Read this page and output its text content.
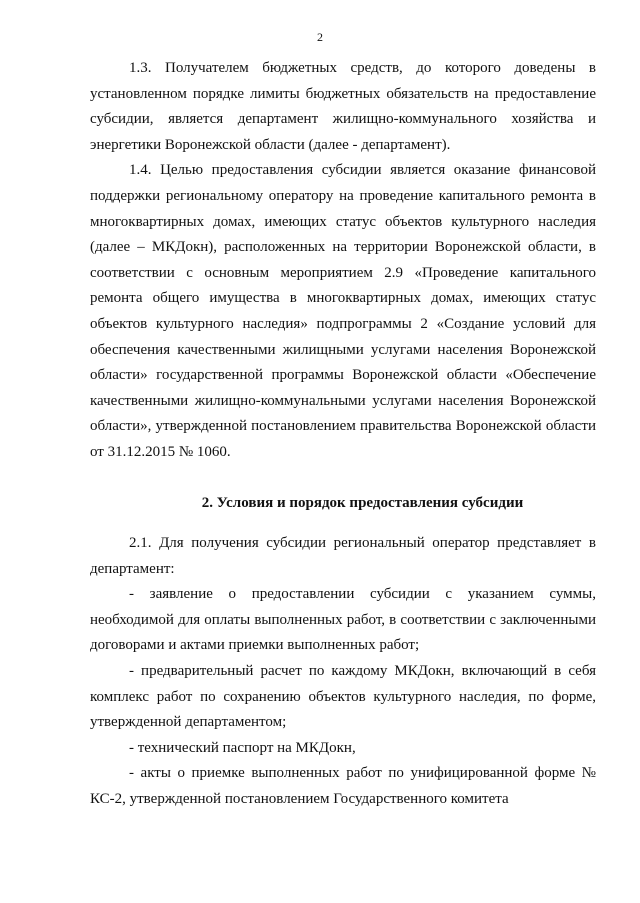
2

1.3. Получателем бюджетных средств, до которого доведены в установленном порядке лимиты бюджетных обязательств на предоставление субсидии, является департамент жилищно-коммунального хозяйства и энергетики Воронежской области (далее - департамент).

1.4. Целью предоставления субсидии является оказание финансовой поддержки региональному оператору на проведение капитального ремонта в многоквартирных домах, имеющих статус объектов культурного наследия (далее – МКДокн), расположенных на территории Воронежской области, в соответствии с основным мероприятием 2.9 «Проведение капитального ремонта общего имущества в многоквартирных домах, имеющих статус объектов культурного наследия» подпрограммы 2 «Создание условий для обеспечения качественными жилищными услугами населения Воронежской области» государственной программы Воронежской области «Обеспечение качественными жилищно-коммунальными услугами населения Воронежской области», утвержденной постановлением правительства Воронежской области от 31.12.2015 № 1060.

2. Условия и порядок предоставления субсидии

2.1. Для получения субсидии региональный оператор представляет в департамент:

- заявление о предоставлении субсидии с указанием суммы, необходимой для оплаты выполненных работ, в соответствии с заключенными договорами и актами приемки выполненных работ;

- предварительный расчет по каждому МКДокн, включающий в себя комплекс работ по сохранению объектов культурного наследия, по форме, утвержденной департаментом;

- технический паспорт на МКДокн,

- акты о приемке выполненных работ по унифицированной форме № КС-2, утвержденной постановлением Государственного комитета
